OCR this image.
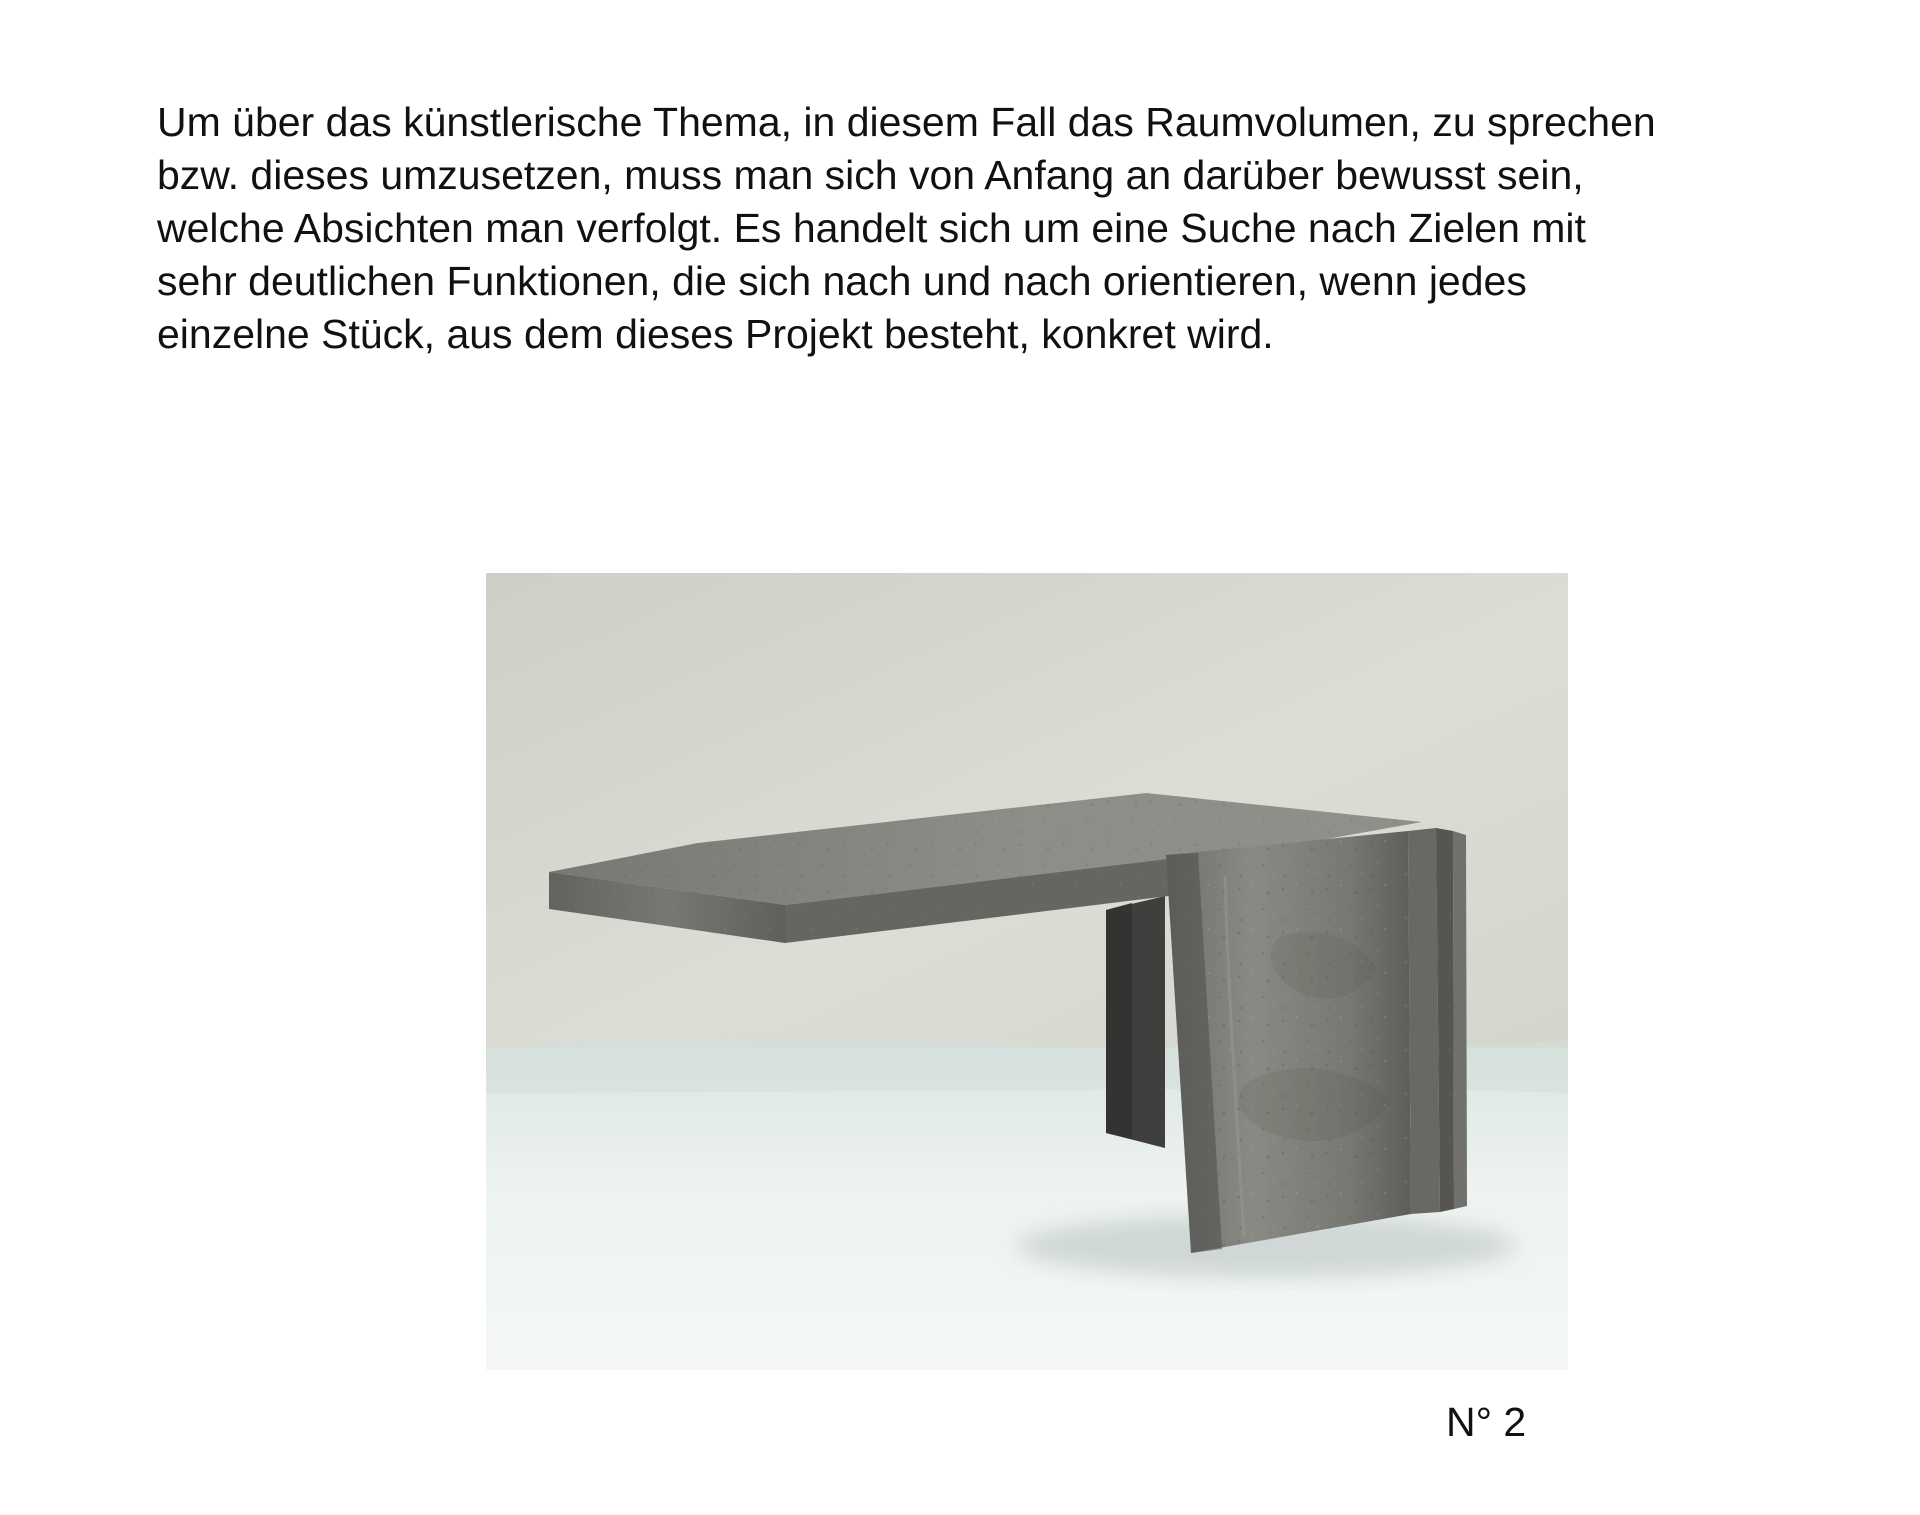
Um über das künstlerische Thema, in diesem Fall das Raumvolumen, zu sprechen
bzw. dieses umzusetzen, muss man sich von Anfang an darüber bewusst sein,
welche Absichten man verfolgt. Es handelt sich um eine Suche nach Zielen mit
sehr deutlichen Funktionen, die sich nach und nach orientieren, wenn jedes
einzelne Stück, aus dem dieses Projekt besteht, konkret wird.

N° 2
